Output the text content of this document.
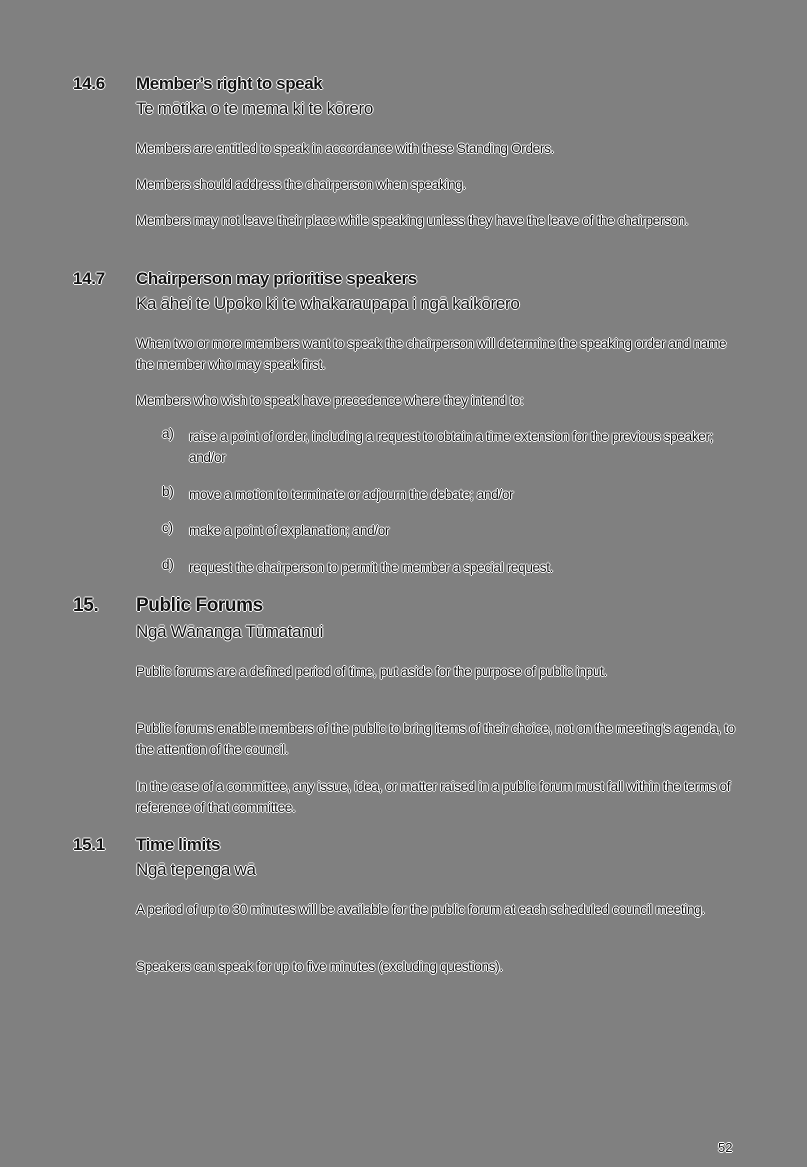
14.6 Member’s right to speak
Te mōtika o te mema ki te kōrero
Members are entitled to speak in accordance with these Standing Orders.
Members should address the chairperson when speaking.
Members may not leave their place while speaking unless they have the leave of the chairperson.
14.7 Chairperson may prioritise speakers
Ka āhei te Upoko ki te whakaraupapa i ngā kaikōrero
When two or more members want to speak the chairperson will determine the speaking order and name the member who may speak first.
Members who wish to speak have precedence where they intend to:
a) raise a point of order, including a request to obtain a time extension for the previous speaker; and/or
b) move a motion to terminate or adjourn the debate; and/or
c) make a point of explanation; and/or
d) request the chairperson to permit the member a special request.
15. Public Forums
Ngā Wānanga Tūmatanui
Public forums are a defined period of time, put aside for the purpose of public input.
Public forums enable members of the public to bring items of their choice, not on the meeting’s agenda, to the attention of the council.
In the case of a committee, any issue, idea, or matter raised in a public forum must fall within the terms of reference of that committee.
15.1 Time limits
Ngā tepenga wā
A period of up to 30 minutes will be available for the public forum at each scheduled council meeting.
Speakers can speak for up to five minutes (excluding questions).
52
